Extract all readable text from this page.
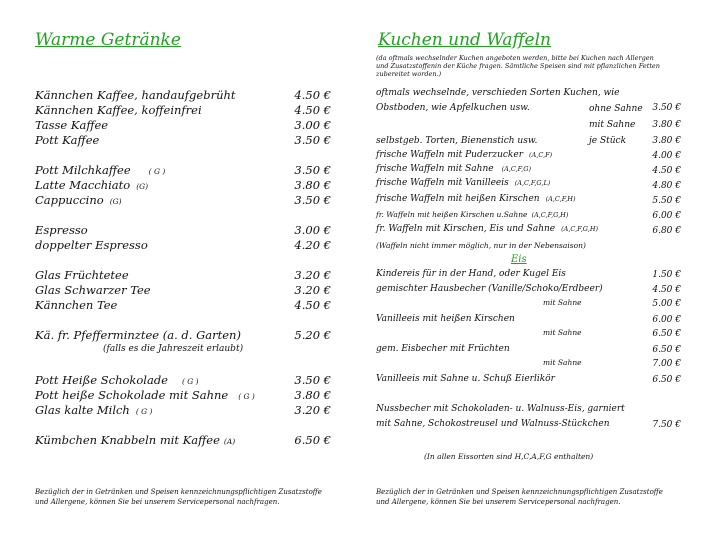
Warme Getränke
Kännchen Kaffee, handaufgebrüht	4.50 €
Kännchen Kaffee, koffeinfrei	4.50 €
Tasse Kaffee	3.00 €
Pott Kaffee	3.50 €
Pott Milchkaffee ( G )	3.50 €
Latte Macchiato (G)	3.80 €
Cappuccino (G)	3.50 €
Espresso	3.00 €
doppelter Espresso	4.20 €
Glas Früchtetee	3.20 €
Glas Schwarzer Tee	3.20 €
Kännchen Tee	4.50 €
Kä. fr. Pfefferminztee (a. d. Garten)	5.20 €
(falls es die Jahreszeit erlaubt)
Pott Heiße Schokolade ( G )	3.50 €
Pott heiße Schokolade mit Sahne ( G )	3.80 €
Glas kalte Milch ( G )	3.20 €
Kümbchen Knabbeln mit Kaffee (A)	6.50 €
Bezüglich der in Getränken und Speisen kennzeichnungspflichtigen Zusatzstoffe und Allergene, können Sie bei unserem Servicepersonal nachfragen.
Kuchen und Waffeln
(da oftmals wechselnder Kuchen angeboten werden, bitte bei Kuchen nach Allergen und Zusatzstoffenin der Küche fragen. Sämtliche Speisen sind mit pflanzlichen Fetten zubereitet worden.)
oftmals wechselnde, verschieden Sorten Kuchen, wie
Obstboden, wie Apfelkuchen usw.	ohne Sahne	3.50 €
mit Sahne	3.80 €
selbstgeb. Torten, Bienenstich usw.	je Stück	3.80 €
frische Waffeln mit Puderzucker (A,C,F)	4.00 €
frische Waffeln mit Sahne (A,C,F,G)	4.50 €
frische Waffeln mit Vanilleeis (A,C,F,G,L)	4.80 €
frische Waffeln mit heißen Kirschen (A,C,F,H)	5.50 €
fr. Waffeln mit heißen Kirschen u.Sahne (A,C,F,G,H)	6.00 €
fr. Waffeln mit Kirschen, Eis und Sahne (A,C,F,G,H)	6.80 €
(Waffeln nicht immer möglich, nur in der Nebensaison)
Eis
Kindereis für in der Hand, oder Kugel Eis	1.50 €
gemischter Hausbecher (Vanille/Schoko/Erdbeer)	4.50 €
mit Sahne	5.00 €
Vanilleeis mit heißen Kirschen	6.00 €
mit Sahne	6.50 €
gem. Eisbecher mit Früchten	6.50 €
mit Sahne	7.00 €
Vanilleeis mit Sahne u. Schuß Eierlikör	6.50 €
Nussbecher mit Schokoladen- u. Walnuss-Eis, garniert
mit Sahne, Schokostreusel und Walnuss-Stückchen	7.50 €
(In allen Eissorten sind H,C,A,F,G enthalten)
Bezüglich der in Getränken und Speisen kennzeichnungspflichtigen Zusatzstoffe und Allergene, können Sie bei unserem Servicepersonal nachfragen.
